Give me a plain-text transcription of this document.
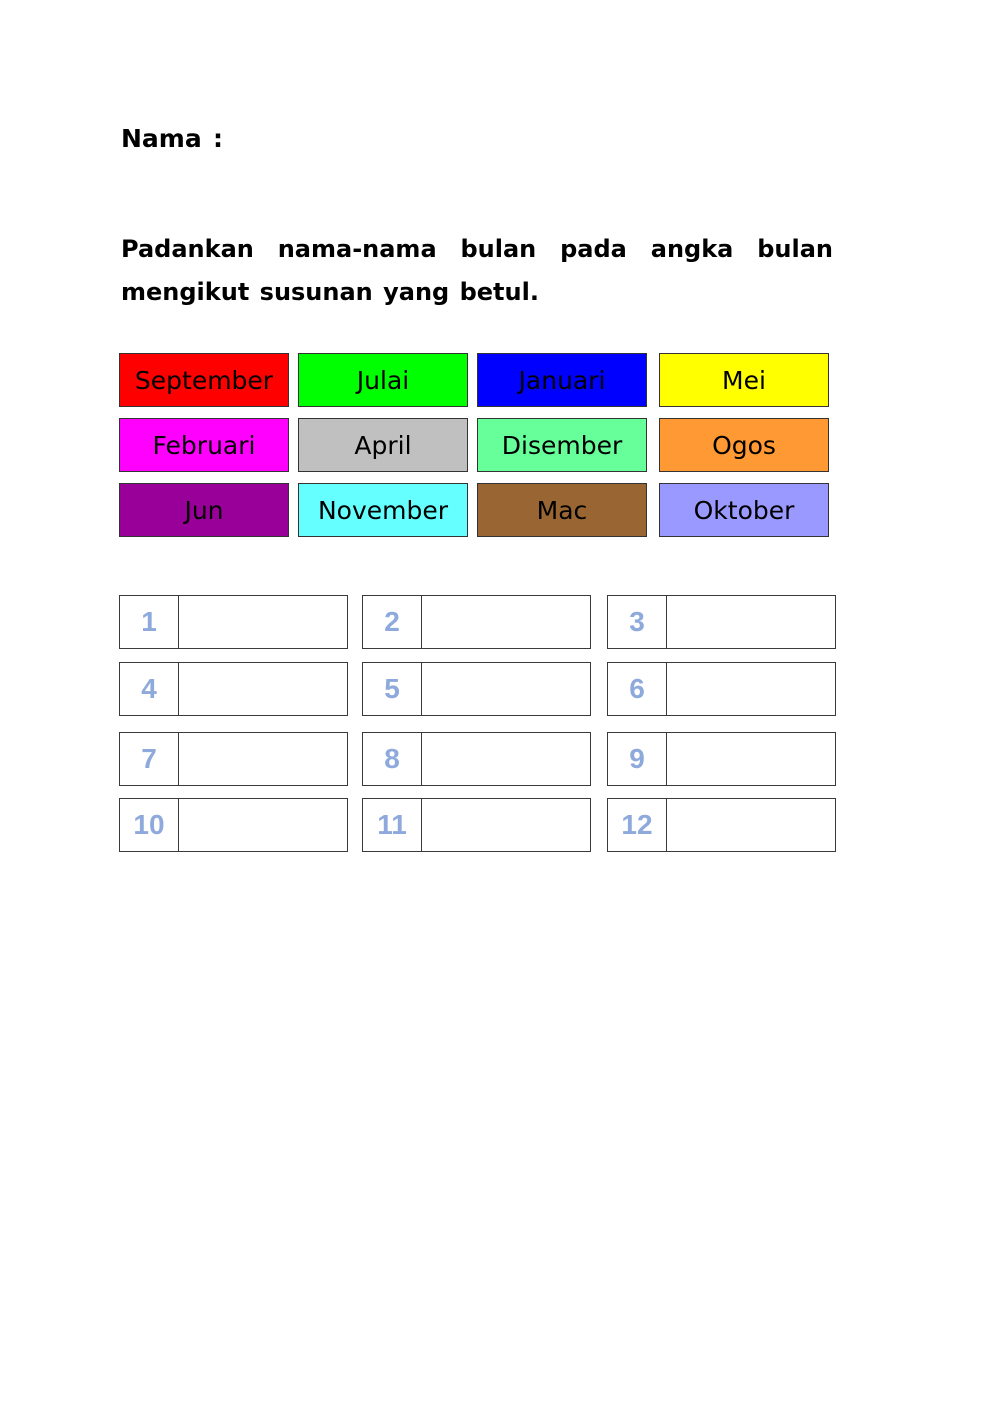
Nama :
Padankan nama-nama bulan pada angka bulan mengikut susunan yang betul.
September	Julai	Januari	Mei
Februari	April	Disember	Ogos
Jun	November	Mac	Oktober
1	2	3
4	5	6
7	8	9
10	11	12
